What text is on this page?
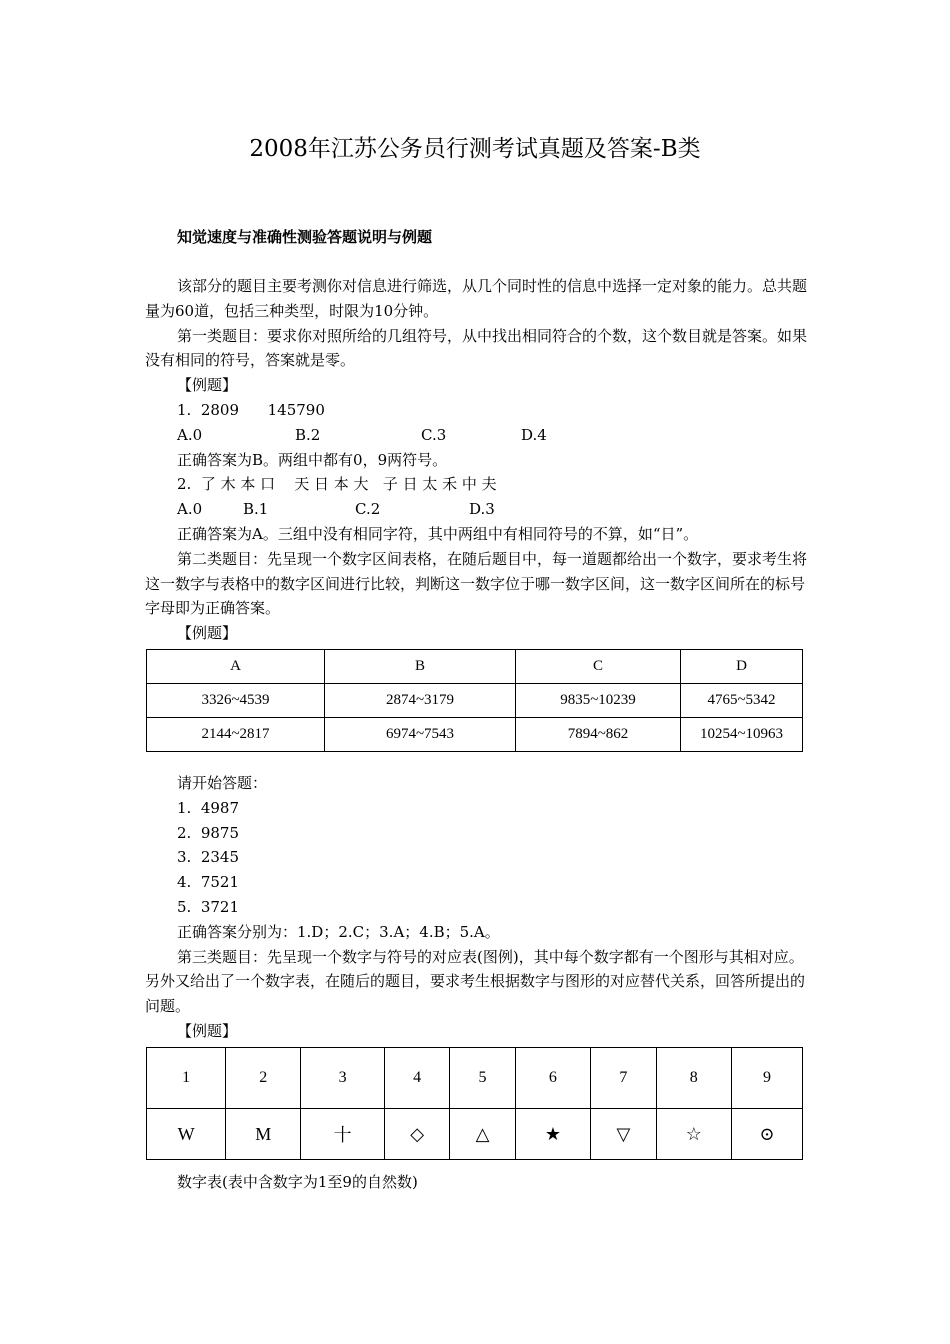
2008年江苏公务员行测考试真题及答案-B类
知觉速度与准确性测验答题说明与例题

该部分的题目主要考测你对信息进行筛选，从几个同时性的信息中选择一定对象的能力。总共题量为60道，包括三种类型，时限为10分钟。

第一类题目：要求你对照所给的几组符号，从中找出相同符合的个数，这个数目就是答案。如果没有相同的符号，答案就是零。

【例题】
1.  2809      145790
A.0	B.2	C.3	D.4
正确答案为B。两组中都有0，9两符号。
2.  了 木 本 口    天 日 本 大   子 日 太 禾 中 夫
A.0	B.1	C.2	D.3
正确答案为A。三组中没有相同字符，其中两组中有相同符号的不算，如“日”。

第二类题目：先呈现一个数字区间表格，在随后题目中，每一道题都给出一个数字，要求考生将这一数字与表格中的数字区间进行比较，判断这一数字位于哪一数字区间，这一数字区间所在的标号字母即为正确答案。

【例题】
A	B	C	D
3326~4539	2874~3179	9835~10239	4765~5342
2144~2817	6974~7543	7894~862	10254~10963
请开始答题：
1.  4987
2.  9875
3.  2345
4.  7521
5.  3721
正确答案分别为：1.D；2.C；3.A；4.B；5.A。

第三类题目：先呈现一个数字与符号的对应表(图例)，其中每个数字都有一个图形与其相对应。另外又给出了一个数字表，在随后的题目，要求考生根据数字与图形的对应替代关系，回答所提出的问题。

【例题】
1	2	3	4	5	6	7	8	9
W	M	十	◇	△	★	▽	☆	⊙
数字表(表中含数字为1至9的自然数)
